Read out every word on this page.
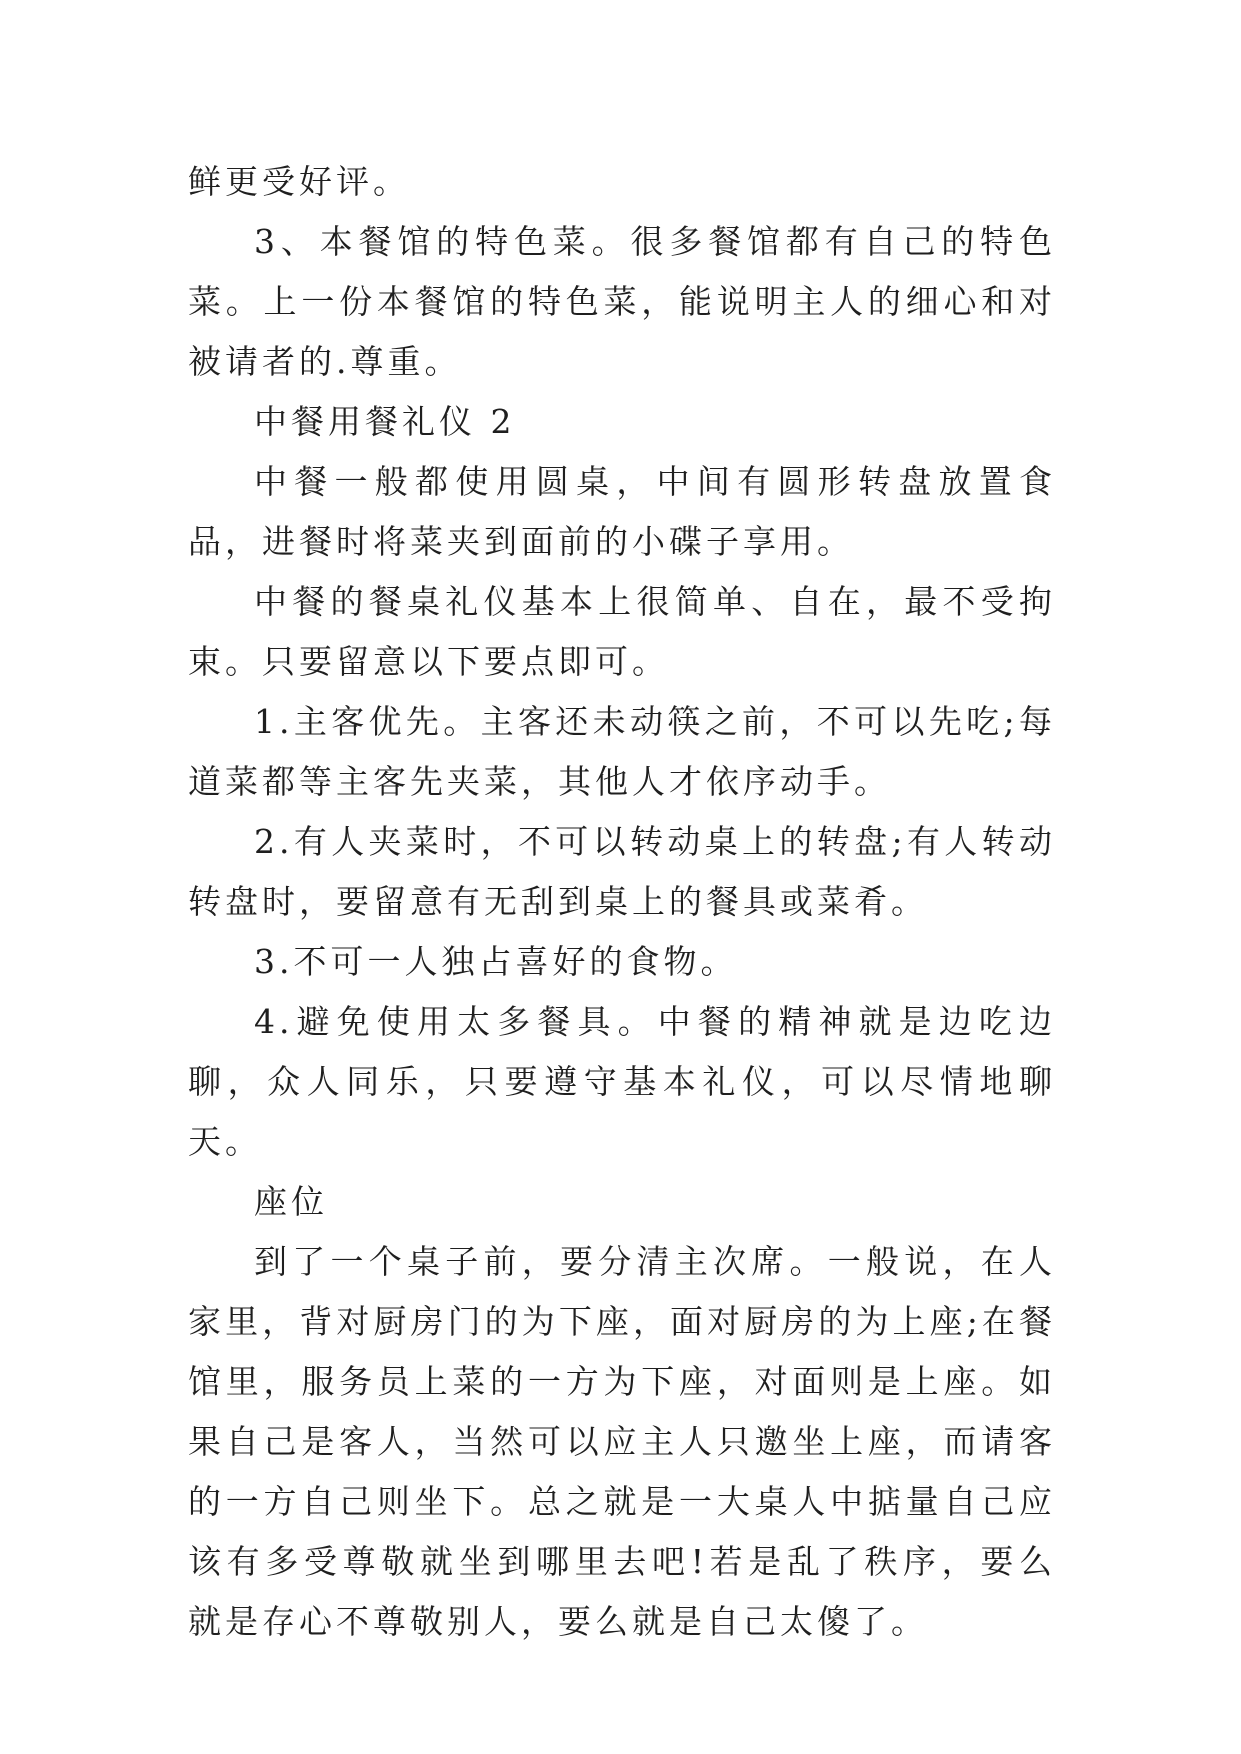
鲜更受好评。

3、本餐馆的特色菜。很多餐馆都有自己的特色菜。上一份本餐馆的特色菜，能说明主人的细心和对被请者的.尊重。

中餐用餐礼仪 2

中餐一般都使用圆桌，中间有圆形转盘放置食品，进餐时将菜夹到面前的小碟子享用。

中餐的餐桌礼仪基本上很简单、自在，最不受拘束。只要留意以下要点即可。

1.主客优先。主客还未动筷之前，不可以先吃;每道菜都等主客先夹菜，其他人才依序动手。

2.有人夹菜时，不可以转动桌上的转盘;有人转动转盘时，要留意有无刮到桌上的餐具或菜肴。

3.不可一人独占喜好的食物。

4.避免使用太多餐具。中餐的精神就是边吃边聊，众人同乐，只要遵守基本礼仪，可以尽情地聊天。

座位

到了一个桌子前，要分清主次席。一般说，在人家里，背对厨房门的为下座，面对厨房的为上座;在餐馆里，服务员上菜的一方为下座，对面则是上座。如果自己是客人，当然可以应主人只邀坐上座，而请客的一方自己则坐下。总之就是一大桌人中掂量自己应该有多受尊敬就坐到哪里去吧!若是乱了秩序，要么就是存心不尊敬别人，要么就是自己太傻了。
